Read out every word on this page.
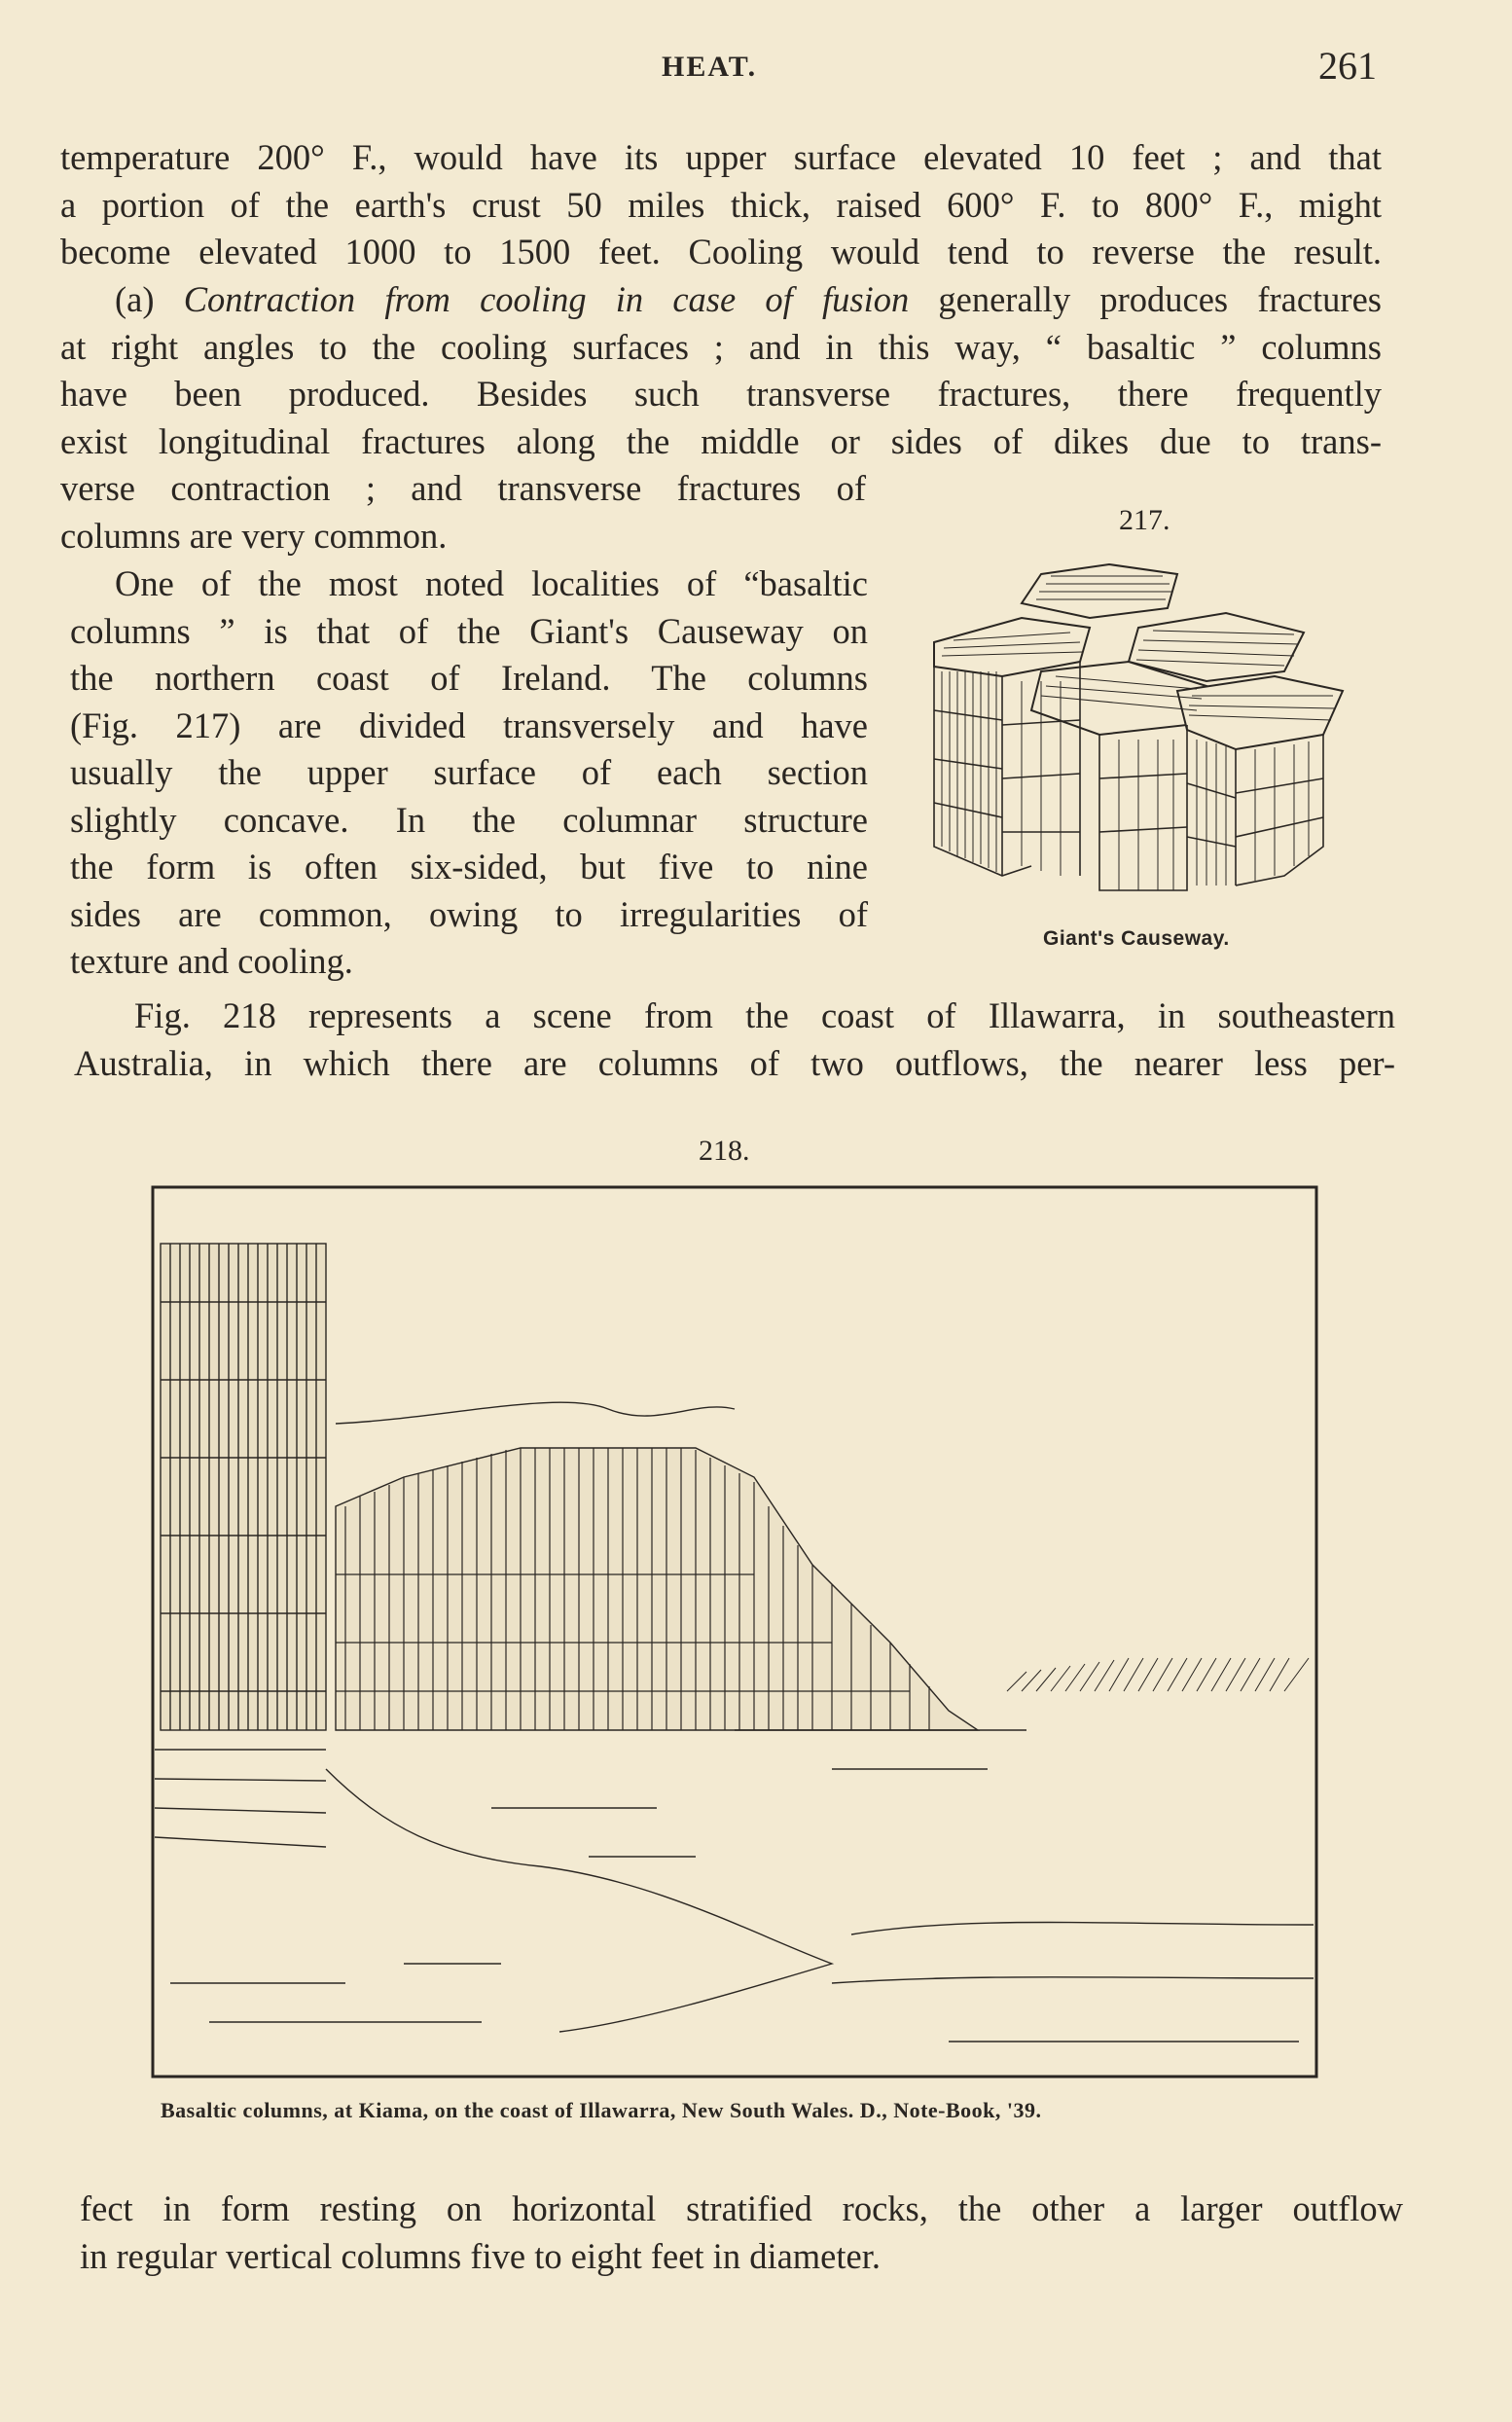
HEAT.	261
temperature 200° F., would have its upper surface elevated 10 feet ; and that
a portion of the earth's crust 50 miles thick, raised 600° F. to 800° F., might
become elevated 1000 to 1500 feet. Cooling would tend to reverse the result.
(a) Contraction from cooling in case of fusion generally produces fractures
at right angles to the cooling surfaces ; and in this way, “ basaltic ” columns
have been produced. Besides such transverse fractures, there frequently
exist longitudinal fractures along the middle or sides of dikes due to trans-
verse contraction ; and transverse fractures of
columns are very common.
One of the most noted localities of “basaltic
columns ” is that of the Giant's Causeway on
the northern coast of Ireland. The columns
(Fig. 217) are divided transversely and have
usually the upper surface of each section
slightly concave. In the columnar structure
the form is often six-sided, but five to nine
sides are common, owing to irregularities of
texture and cooling.
217.
Giant's Causeway.
Fig. 218 represents a scene from the coast of Illawarra, in southeastern
Australia, in which there are columns of two outflows, the nearer less per-
218.
Basaltic columns, at Kiama, on the coast of Illawarra, New South Wales. D., Note-Book, '39.
fect in form resting on horizontal stratified rocks, the other a larger outflow
in regular vertical columns five to eight feet in diameter.
